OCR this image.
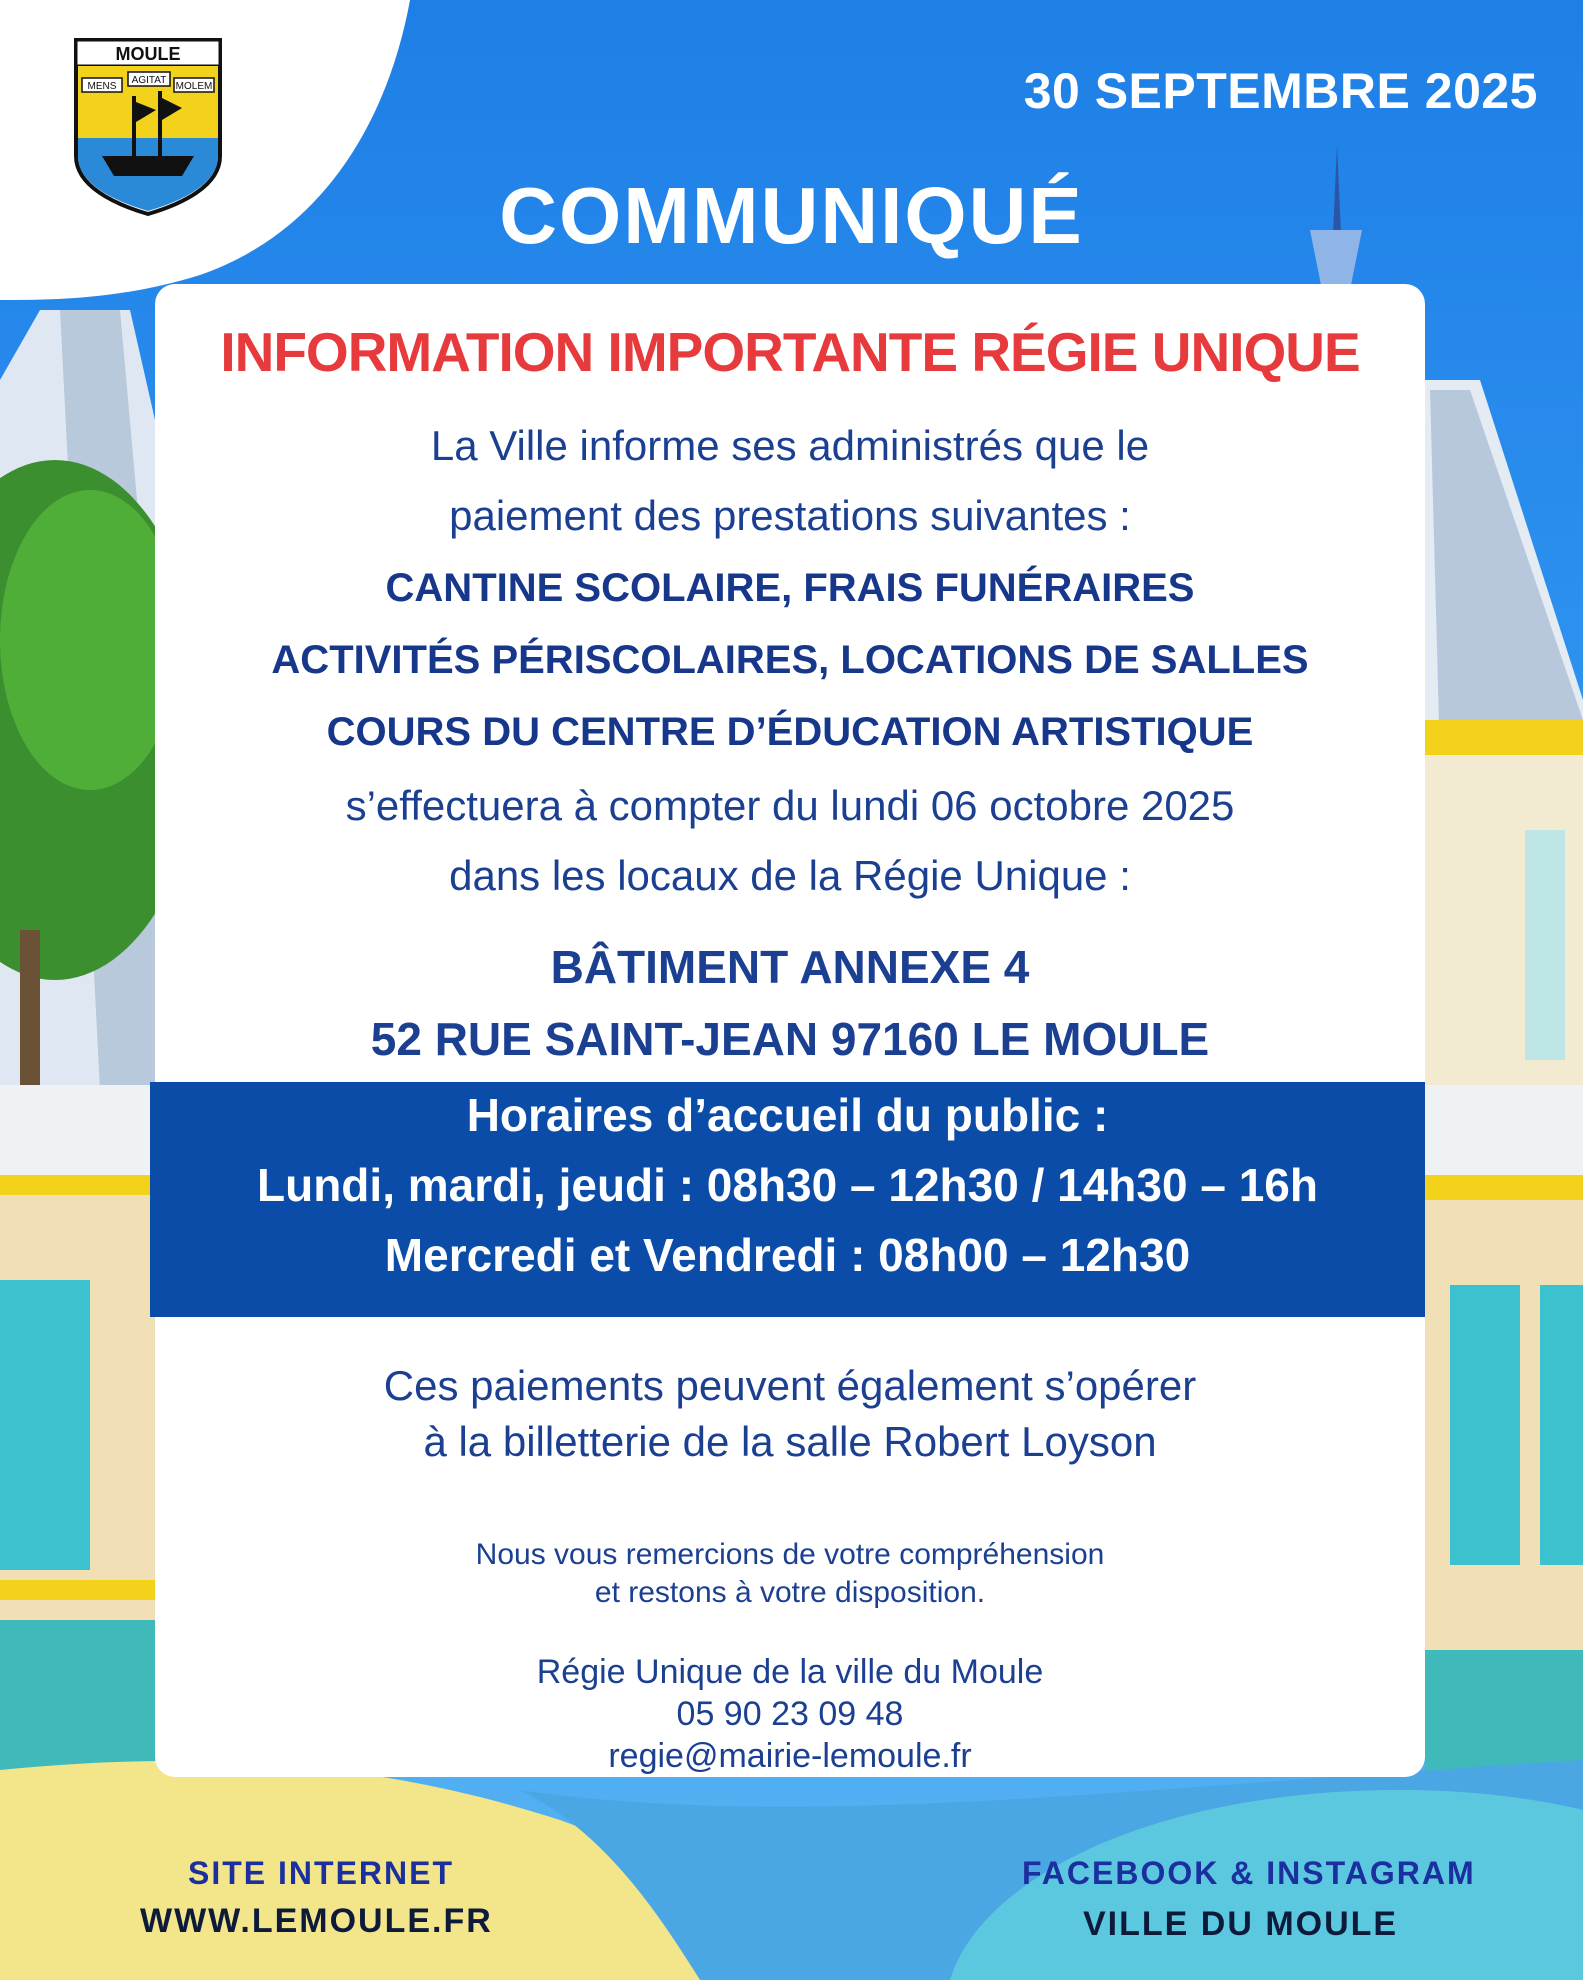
MOULE
MENS
AGITAT
MOLEM	30 SEPTEMBRE 2025
COMMUNIQUÉ
INFORMATION IMPORTANTE RÉGIE UNIQUE
La Ville informe ses administrés que le
paiement des prestations suivantes :
CANTINE SCOLAIRE, FRAIS FUNÉRAIRES
ACTIVITÉS PÉRISCOLAIRES, LOCATIONS DE SALLES
COURS DU CENTRE D’ÉDUCATION ARTISTIQUE
s’effectuera à compter du lundi 06 octobre 2025
dans les locaux de la Régie Unique :
BÂTIMENT ANNEXE 4
52 RUE SAINT-JEAN 97160 LE MOULE
Horaires d’accueil du public :
Lundi, mardi, jeudi : 08h30 – 12h30 / 14h30 – 16h
Mercredi et Vendredi : 08h00 – 12h30
Ces paiements peuvent également s’opérer
à la billetterie de la salle Robert Loyson
Nous vous remercions de votre compréhension
et restons à votre disposition.
Régie Unique de la ville du Moule
05 90 23 09 48
regie@mairie-lemoule.fr
SITE INTERNET
WWW.LEMOULE.FR
FACEBOOK & INSTAGRAM
VILLE DU MOULE
